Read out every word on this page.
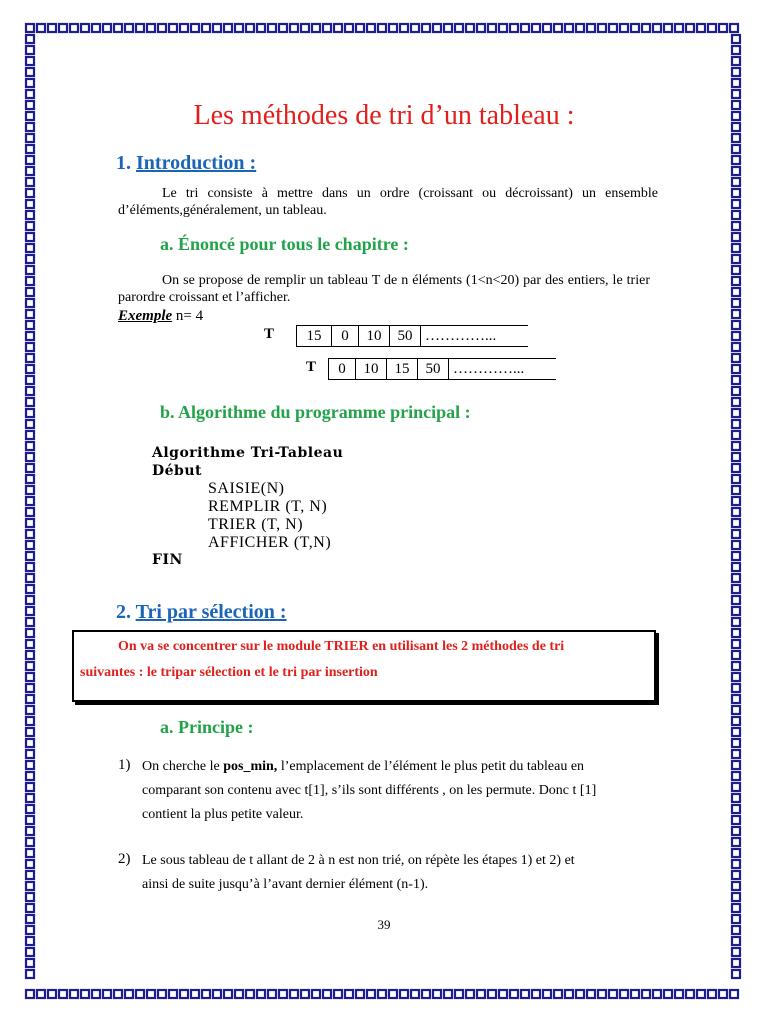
Les méthodes de tri d’un tableau :
1. Introduction :
Le tri consiste à mettre dans un ordre (croissant ou décroissant) un ensemble d’éléments,généralement, un tableau.
a. Énoncé pour tous le chapitre :
On se propose de remplir un tableau T de n éléments (1<n<20) par des entiers, le trier parordre croissant et l’afficher.
Exemple n= 4
T 15	0	10	50	…………...
T 0	10	15	50	…………...
b. Algorithme du programme principal :
Algorithme Tri-Tableau
Début
SAISIE(N)
REMPLIR (T, N)
TRIER (T, N)
AFFICHER (T,N)
FIN
2. Tri par sélection :
On va se concentrer sur le module TRIER en utilisant les 2 méthodes de tri
suivantes : le tripar sélection et le tri par insertion
a. Principe :
1) On cherche le pos_min, l’emplacement de l’élément le plus petit du tableau en
comparant son contenu avec t[1], s’ils sont différents , on les permute. Donc t [1]
contient la plus petite valeur.
2) Le sous tableau de t allant de 2 à n est non trié, on répète les étapes 1) et 2) et
ainsi de suite jusqu’à l’avant dernier élément (n-1).
39
